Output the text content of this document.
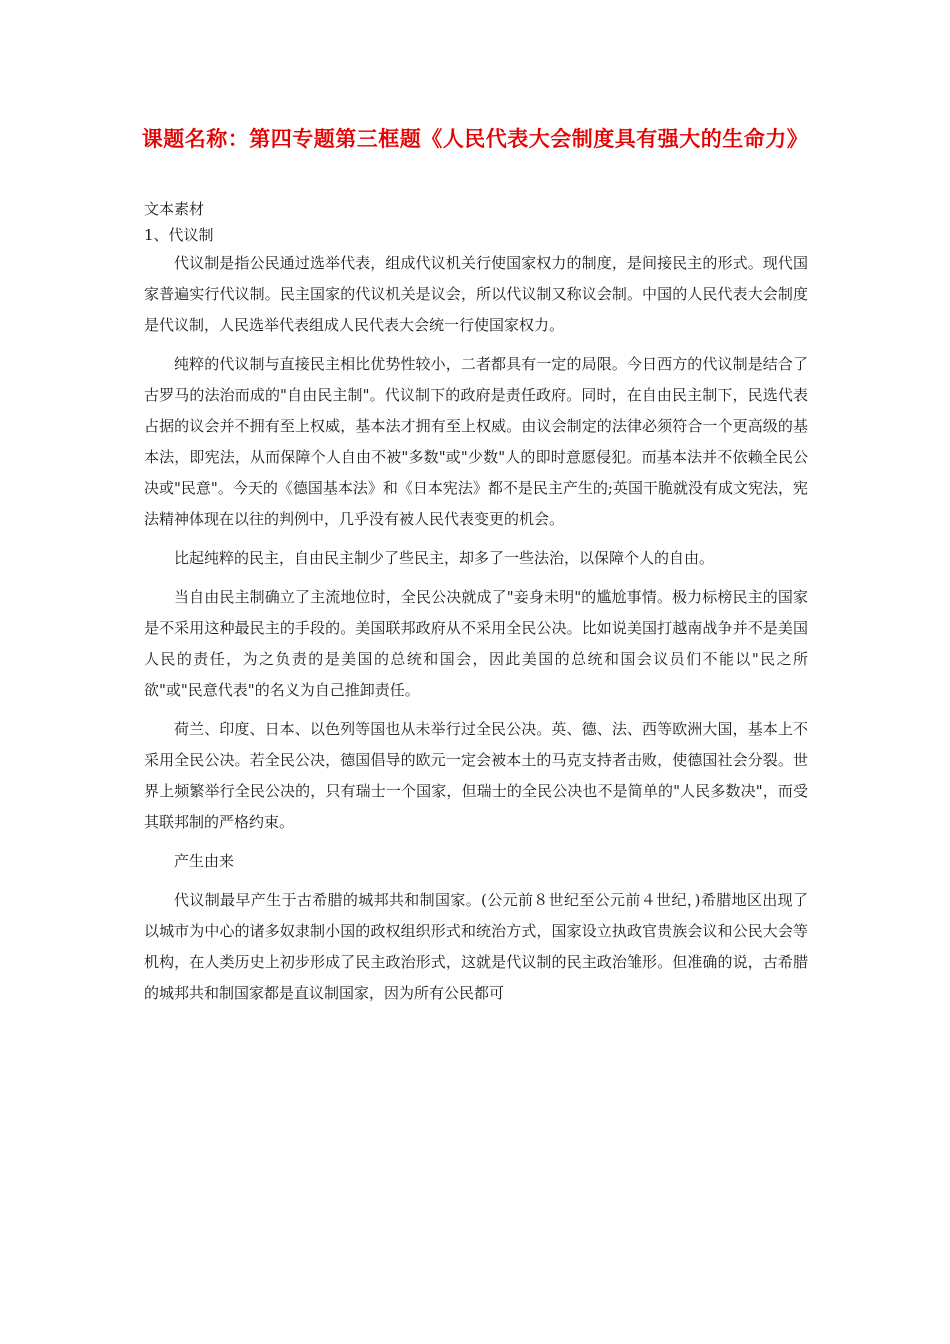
课题名称：第四专题第三框题《人民代表大会制度具有强大的生命力》

文本素材

1、代议制

代议制是指公民通过选举代表，组成代议机关行使国家权力的制度，是间接民主的形式。现代国家普遍实行代议制。民主国家的代议机关是议会，所以代议制又称议会制。中国的人民代表大会制度是代议制，人民选举代表组成人民代表大会统一行使国家权力。

纯粹的代议制与直接民主相比优势性较小，二者都具有一定的局限。今日西方的代议制是结合了古罗马的法治而成的"自由民主制"。代议制下的政府是责任政府。同时，在自由民主制下，民选代表占据的议会并不拥有至上权威，基本法才拥有至上权威。由议会制定的法律必须符合一个更高级的基本法，即宪法，从而保障个人自由不被"多数"或"少数"人的即时意愿侵犯。而基本法并不依赖全民公决或"民意"。今天的《德国基本法》和《日本宪法》都不是民主产生的;英国干脆就没有成文宪法，宪法精神体现在以往的判例中，几乎没有被人民代表变更的机会。

比起纯粹的民主，自由民主制少了些民主，却多了一些法治，以保障个人的自由。

当自由民主制确立了主流地位时，全民公决就成了"妾身未明"的尴尬事情。极力标榜民主的国家是不采用这种最民主的手段的。美国联邦政府从不采用全民公决。比如说美国打越南战争并不是美国人民的责任，为之负责的是美国的总统和国会，因此美国的总统和国会议员们不能以"民之所欲"或"民意代表"的名义为自己推卸责任。

荷兰、印度、日本、以色列等国也从未举行过全民公决。英、德、法、西等欧洲大国，基本上不采用全民公决。若全民公决，德国倡导的欧元一定会被本土的马克支持者击败，使德国社会分裂。世界上频繁举行全民公决的，只有瑞士一个国家，但瑞士的全民公决也不是简单的"人民多数决"，而受其联邦制的严格约束。

产生由来

代议制最早产生于古希腊的城邦共和制国家。(公元前８世纪至公元前４世纪，)希腊地区出现了以城市为中心的诸多奴隶制小国的政权组织形式和统治方式，国家设立执政官贵族会议和公民大会等机构，在人类历史上初步形成了民主政治形式，这就是代议制的民主政治雏形。但准确的说，古希腊的城邦共和制国家都是直议制国家，因为所有公民都可
